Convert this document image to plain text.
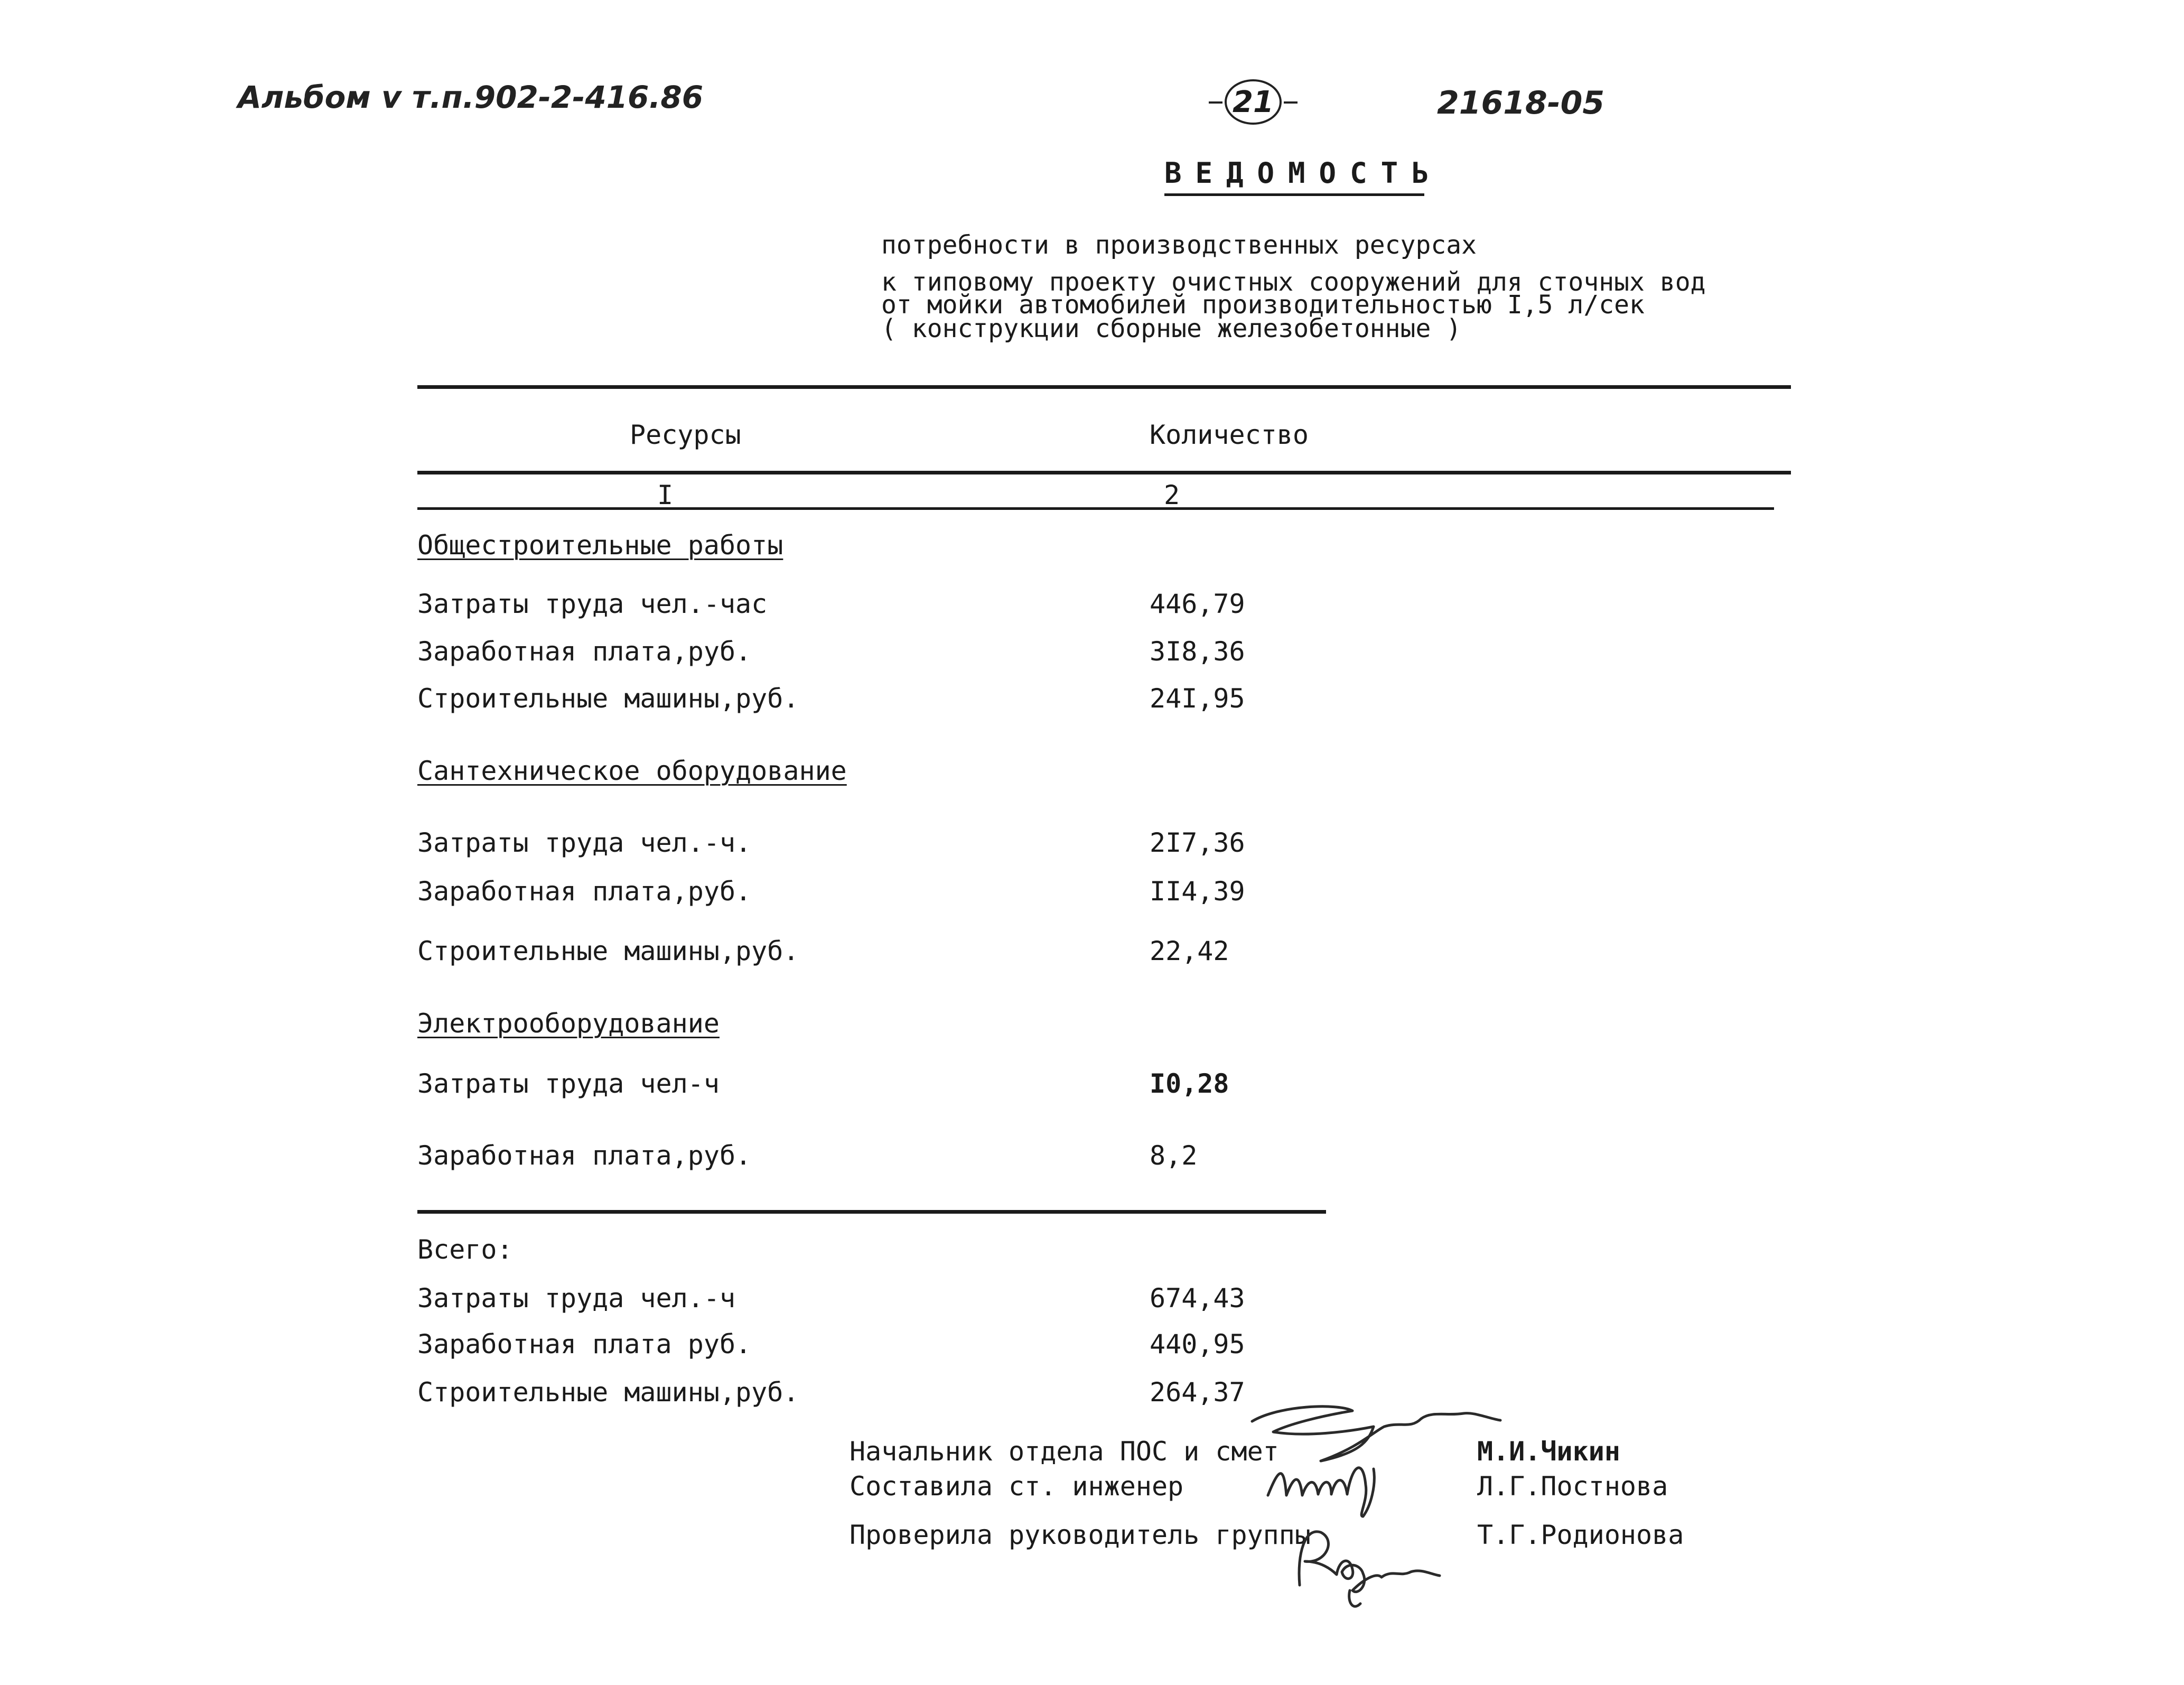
Альбом v т.п.902-2-416.86	21	21618-05
ВЕДОМОСТЬ
потребности в производственных ресурсах
к типовому проекту очистных сооружений для сточных вод
от мойки автомобилей производительностью I,5 л/сек
( конструкции сборные железобетонные )
Ресурсы	Количество
I	2
Общестроительные работы
Затраты труда чел.-час	446,79
Заработная плата,руб.	3I8,36
Строительные машины,руб.	24I,95
Сантехническое оборудование
Затраты труда чел.-ч.	2I7,36
Заработная плата,руб.	II4,39
Строительные машины,руб.	22,42
Электрооборудование
Затраты труда чел-ч	I0,28
Заработная плата,руб.	8,2
Всего:
Затраты труда чел.-ч	674,43
Заработная плата руб.	440,95
Строительные машины,руб.	264,37
Начальник отдела ПОС и смет	М.И.Чикин
Составила ст. инженер	Л.Г.Постнова
Проверила руководитель группы	Т.Г.Родионова
